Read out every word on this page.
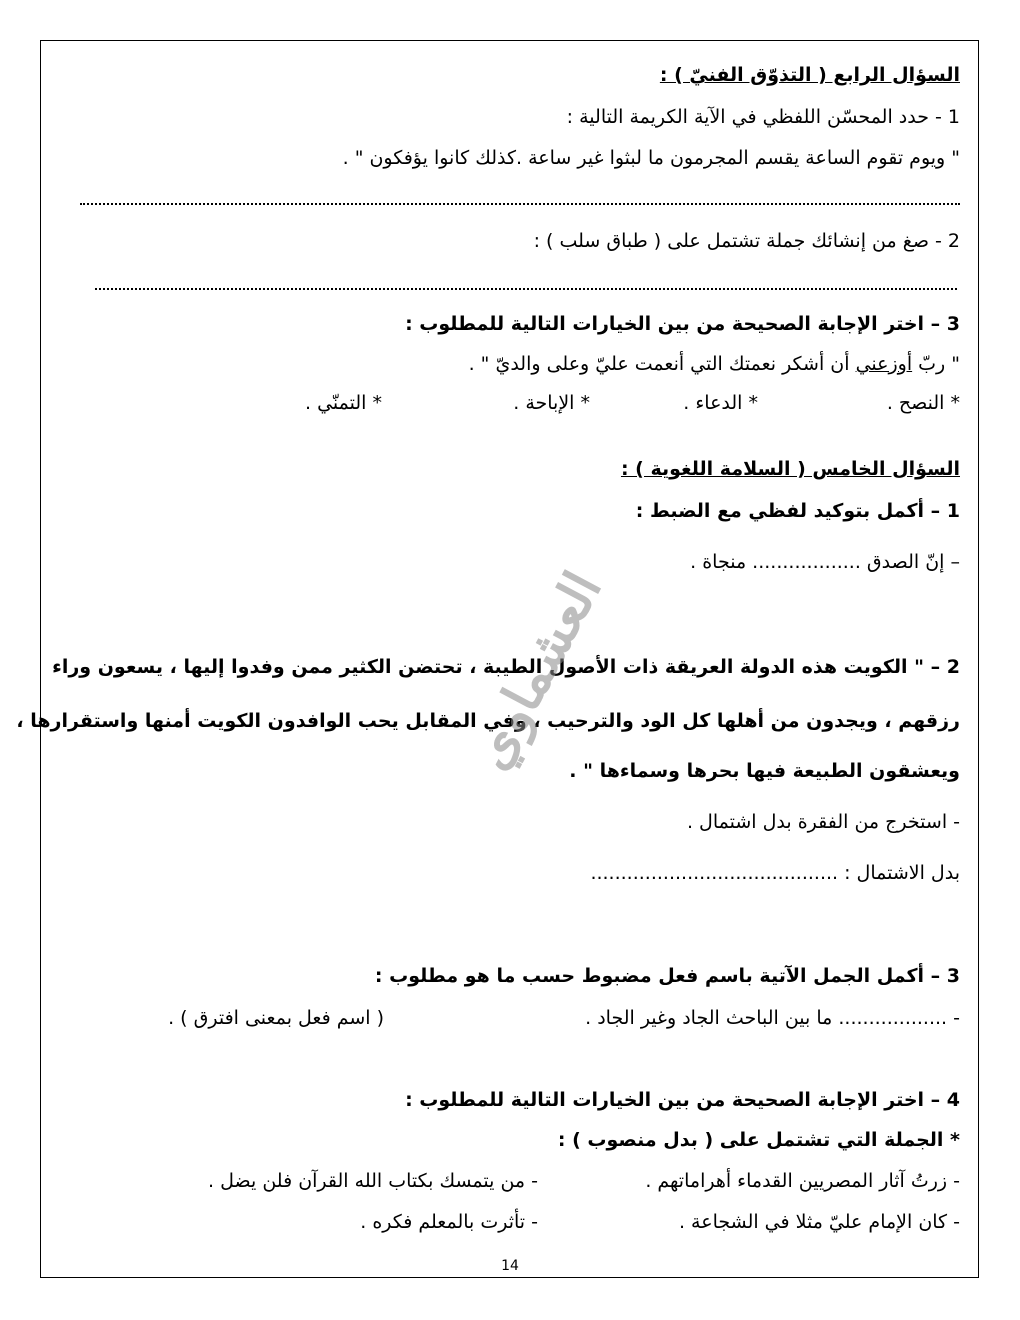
السؤال الرابع ( التذوّق الفنيّ ) :
1 - حدد المحسّن اللفظي في الآية الكريمة التالية :
" ويوم تقوم الساعة يقسم المجرمون ما لبثوا غير ساعة .كذلك كانوا يؤفكون " .
2 - صغ من إنشائك جملة تشتمل على ( طباق سلب ) :
3 – اختر الإجابة الصحيحة من بين الخيارات التالية للمطلوب :
" ربّ أوزعني أن أشكر نعمتك التي أنعمت عليّ وعلى والديّ " .
* النصح .
* الدعاء .
* الإباحة .
* التمنّي .
السؤال الخامس ( السلامة اللغوية ) :
1 – أكمل بتوكيد لفظي مع الضبط :
– إنّ الصدق .................. منجاة .
2 – " الكويت هذه الدولة العريقة ذات الأصول الطيبة ، تحتضن الكثير ممن وفدوا إليها ، يسعون وراء
رزقهم ، ويجدون من أهلها كل الود والترحيب ، وفي المقابل يحب الوافدون الكويت أمنها واستقرارها ،
ويعشقون الطبيعة فيها بحرها وسماءها " .
- استخرج من الفقرة بدل اشتمال .
بدل الاشتمال : .........................................
3 – أكمل الجمل الآتية باسم فعل مضبوط حسب ما هو مطلوب :
- .................. ما بين الباحث الجاد وغير الجاد .
( اسم فعل بمعنى افترق ) .
4 – اختر الإجابة الصحيحة من بين الخيارات التالية للمطلوب :
* الجملة التي تشتمل على ( بدل منصوب ) :
- زرتُ آثار المصريين القدماء أهراماتهم .
- من يتمسك بكتاب الله القرآن فلن يضل .
- كان الإمام عليّ مثلا في الشجاعة .
- تأثرت بالمعلم فكره .
العشماوي
14
